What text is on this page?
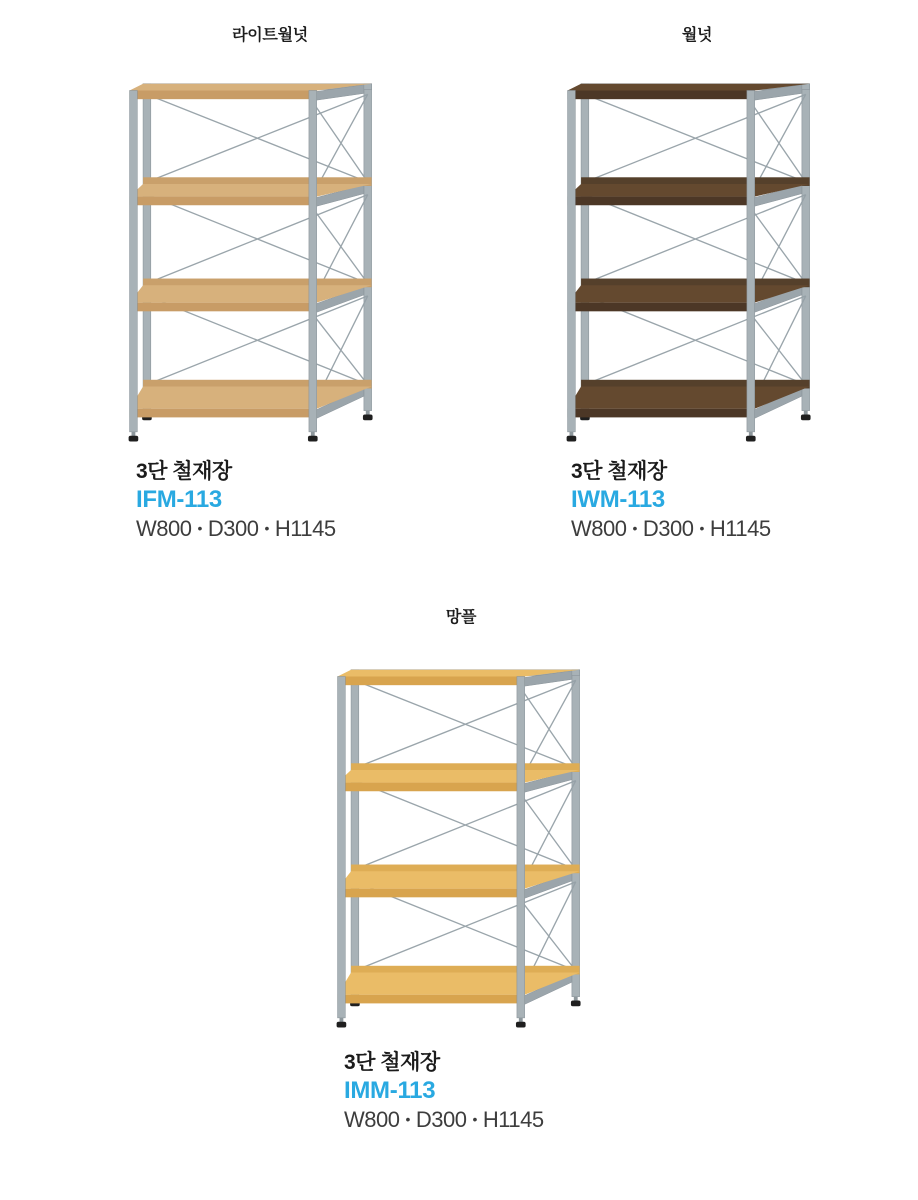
라이트월넛
3단 철재장
IFM-113
W800 • D300 • H1145
월넛
3단 철재장
IWM-113
W800 • D300 • H1145
망플
3단 철재장
IMM-113
W800 • D300 • H1145
